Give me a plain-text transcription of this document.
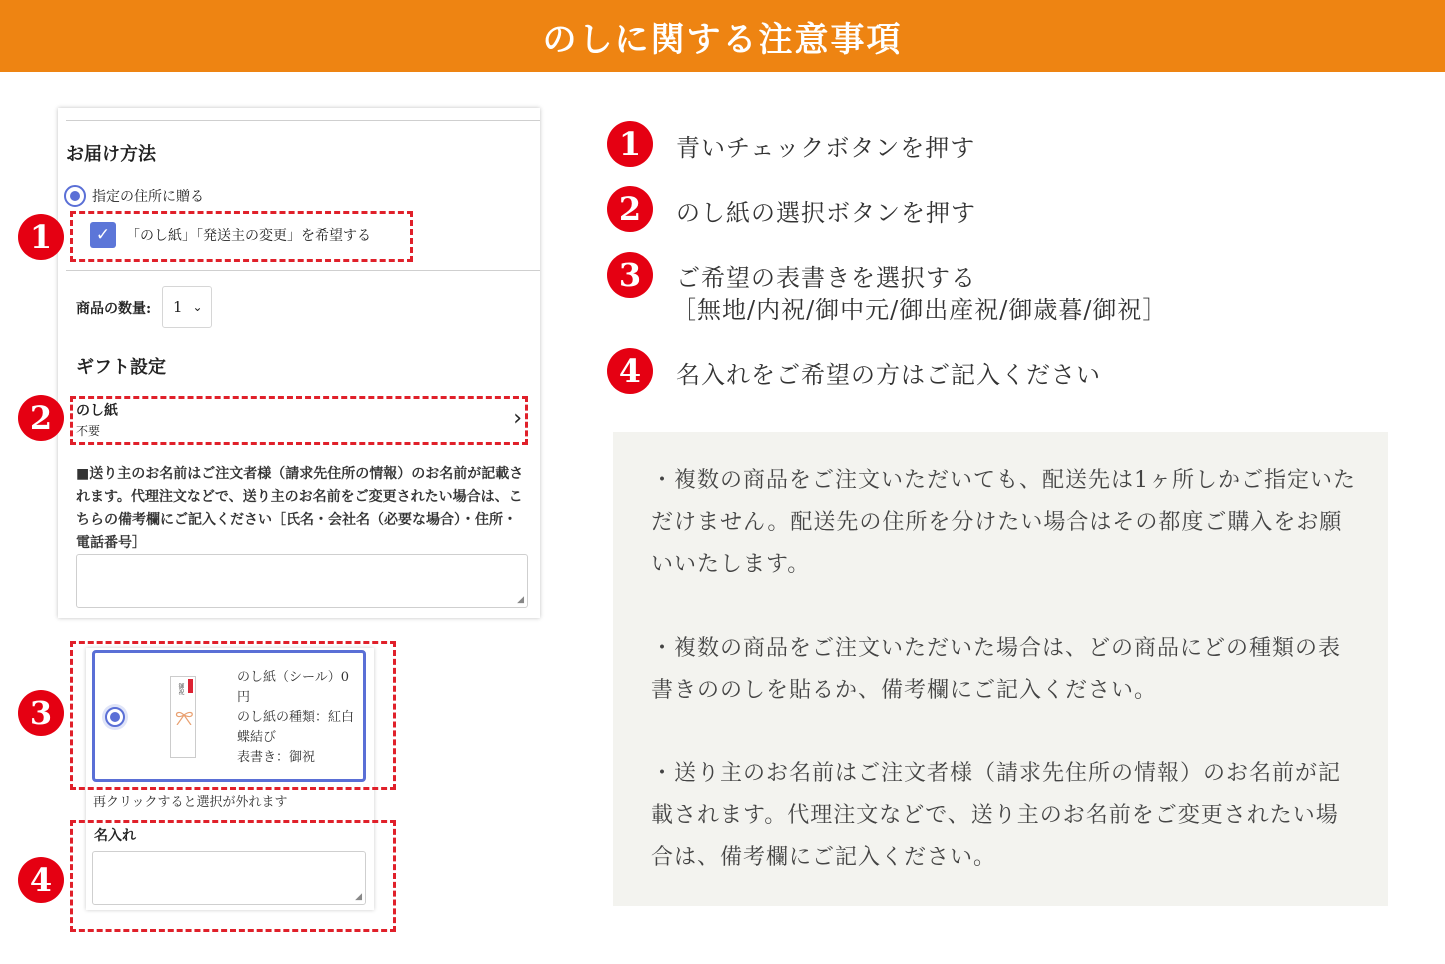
のしに関する注意事項
お届け方法
指定の住所に贈る
✓ 「のし紙」「発送主の変更」を希望する
商品の数量: 1 ⌄
ギフト設定
のし紙
不要	›
■送り主のお名前はご注文者様（請求先住所の情報）のお名前が記載されます。代理注文などで、送り主のお名前をご変更されたい場合は、こちらの備考欄にご記入ください［氏名・会社名（必要な場合）・住所・電話番号］
◢
御祝
のし紙（シール）0円
のし紙の種類：紅白蝶結び
表書き：御祝
再クリックすると選択が外れます
名入れ
◢
1
2
3
4
1	青いチェックボタンを押す
2	のし紙の選択ボタンを押す
3	ご希望の表書きを選択する
［無地/内祝/御中元/御出産祝/御歳暮/御祝］
4	名入れをご希望の方はご記入ください
・複数の商品をご注文いただいても、配送先は1ヶ所しかご指定いただけません。配送先の住所を分けたい場合はその都度ご購入をお願いいたします。
・複数の商品をご注文いただいた場合は、どの商品にどの種類の表書きののしを貼るか、備考欄にご記入ください。
・送り主のお名前はご注文者様（請求先住所の情報）のお名前が記載されます。代理注文などで、送り主のお名前をご変更されたい場合は、備考欄にご記入ください。
